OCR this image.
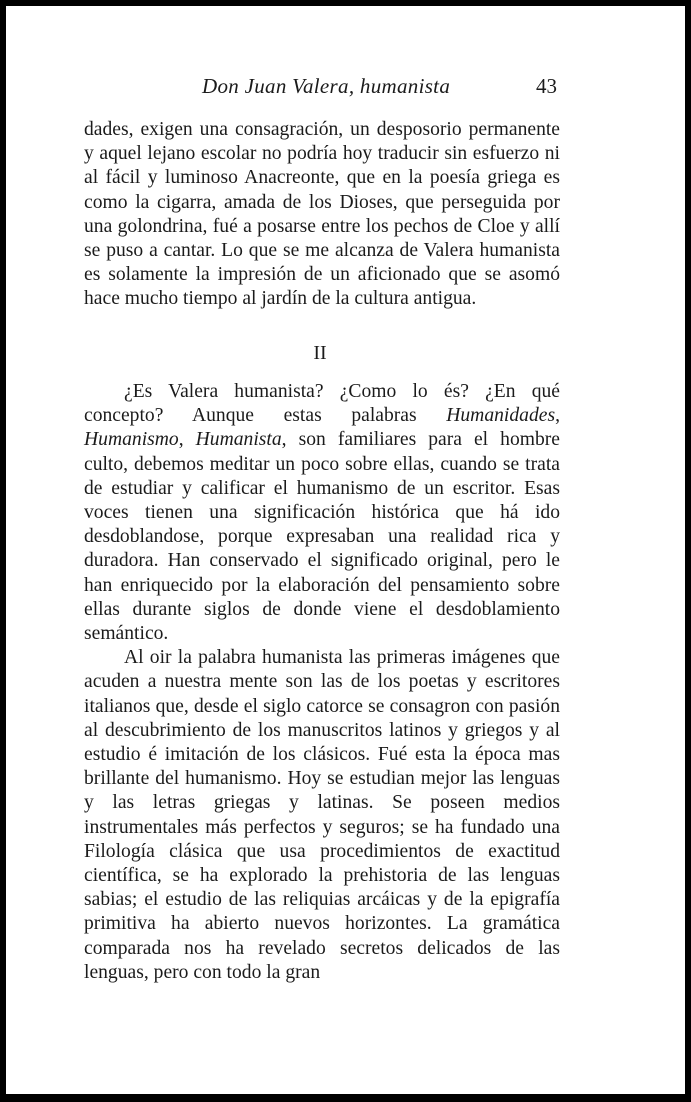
Don Juan Valera, humanista	43

dades, exigen una consagración, un desposorio permanente y aquel lejano escolar no podría hoy traducir sin esfuerzo ni al fácil y luminoso Anacreonte, que en la poesía griega es como la cigarra, amada de los Dioses, que perseguida por una golondrina, fué a posarse entre los pechos de Cloe y allí se puso a cantar. Lo que se me alcanza de Valera humanista es solamente la impresión de un aficionado que se asomó hace mucho tiempo al jardín de la cultura antigua.

II

¿Es Valera humanista? ¿Como lo és? ¿En qué concepto? Aunque estas palabras Humanidades, Humanismo, Humanista, son familiares para el hombre culto, debemos meditar un poco sobre ellas, cuando se trata de estudiar y calificar el humanismo de un escritor. Esas voces tienen una significación histórica que há ido desdoblandose, porque expresaban una realidad rica y duradora. Han conservado el significado original, pero le han enriquecido por la elaboración del pensamiento sobre ellas durante siglos de donde viene el desdoblamiento semántico.

Al oir la palabra humanista las primeras imágenes que acuden a nuestra mente son las de los poetas y escritores italianos que, desde el siglo catorce se consagron con pasión al descubrimiento de los manuscritos latinos y griegos y al estudio é imitación de los clásicos. Fué esta la época mas brillante del humanismo. Hoy se estudian mejor las lenguas y las letras griegas y latinas. Se poseen medios instrumentales más perfectos y seguros; se ha fundado una Filología clásica que usa procedimientos de exactitud científica, se ha explorado la prehistoria de las lenguas sabias; el estudio de las reliquias arcáicas y de la epigrafía primitiva ha abierto nuevos horizontes. La gramática comparada nos ha revelado secretos delicados de las lenguas, pero con todo la gran
